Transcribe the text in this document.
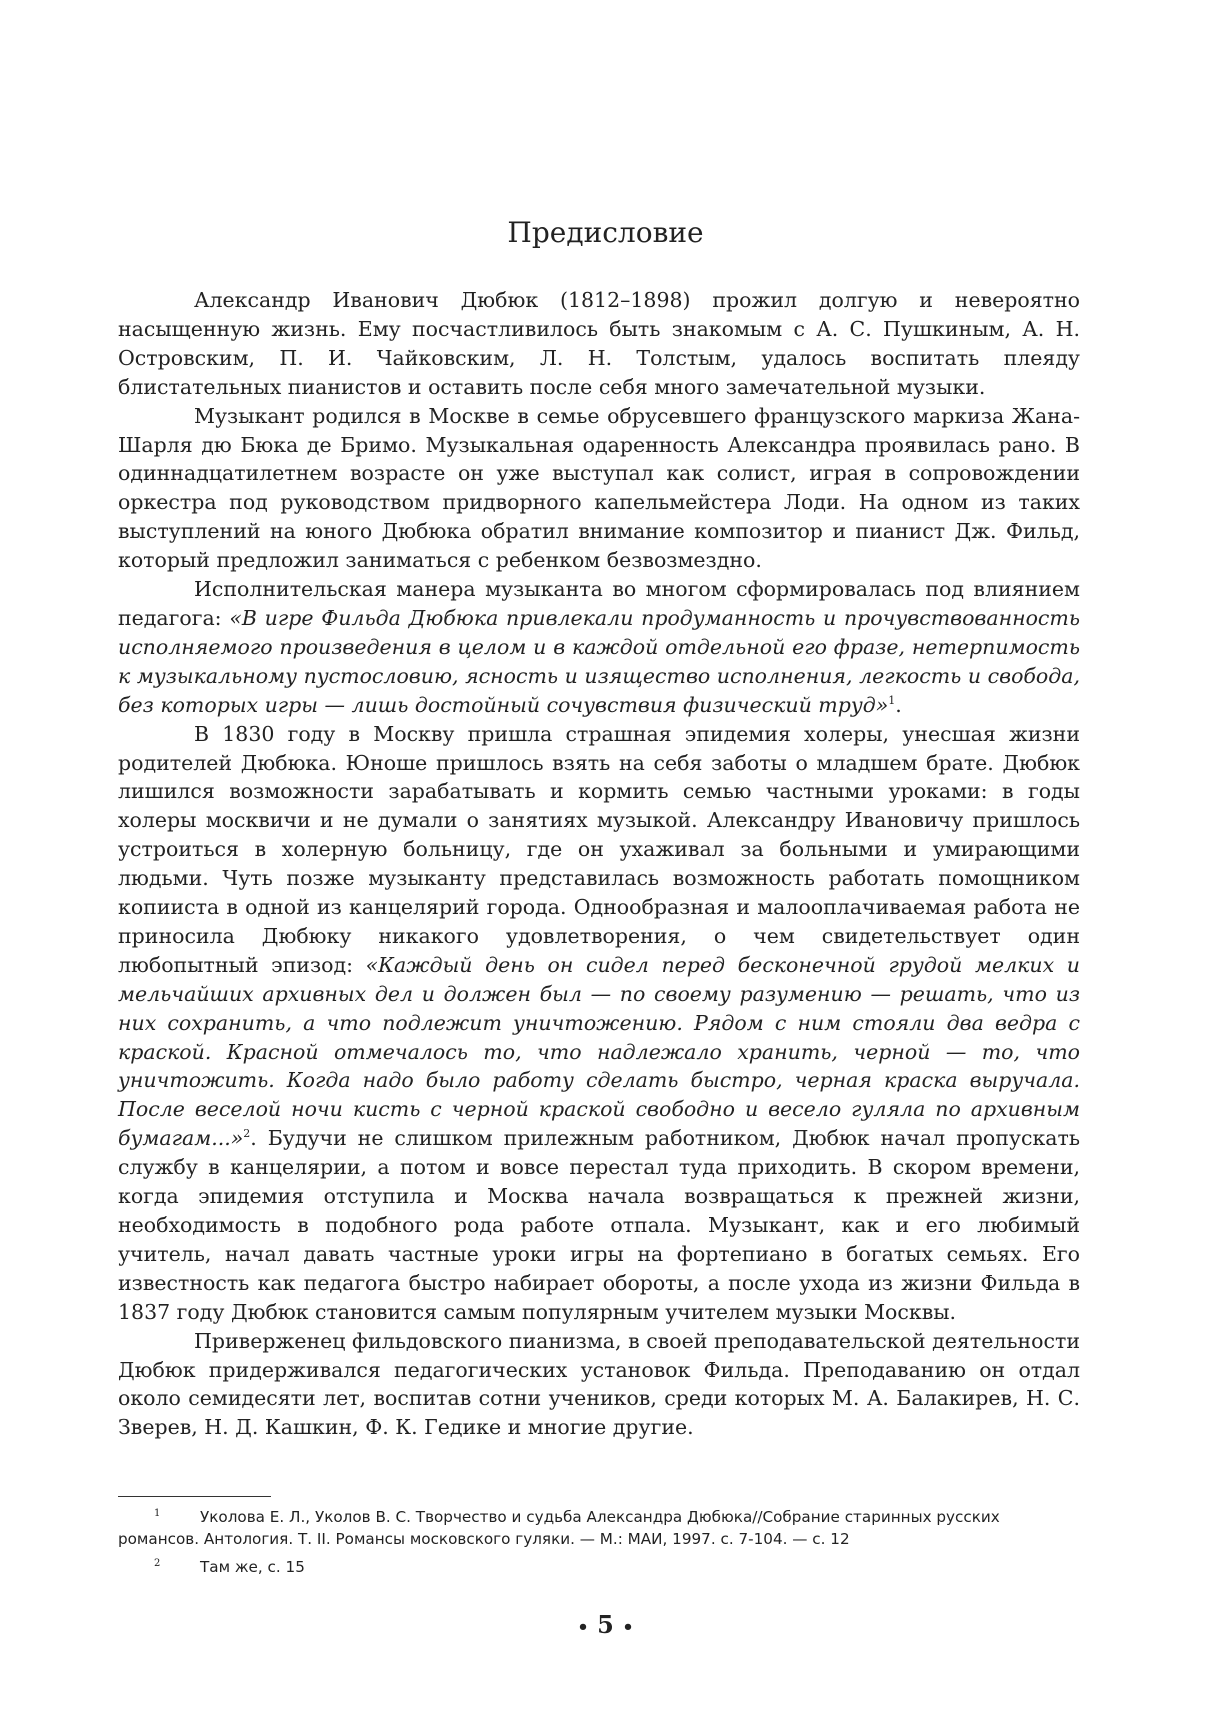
Предисловие

Александр Иванович Дюбюк (1812–1898) прожил долгую и невероятно насыщенную жизнь. Ему посчастливилось быть знакомым с А. С. Пушкиным, А. Н. Островским, П. И. Чайковским, Л. Н. Толстым, удалось воспитать плеяду блистательных пианистов и оставить после себя много замечательной музыки.

Музыкант родился в Москве в семье обрусевшего французского маркиза Жана-Шарля дю Бюка де Бримо. Музыкальная одаренность Александра проявилась рано. В одиннадцатилетнем возрасте он уже выступал как солист, играя в сопровождении оркестра под руководством придворного капельмейстера Лоди. На одном из таких выступлений на юного Дюбюка обратил внимание композитор и пианист Дж. Фильд, который предложил заниматься с ребенком безвозмездно.

Исполнительская манера музыканта во многом сформировалась под влиянием педагога: «В игре Фильда Дюбюка привлекали продуманность и прочувствованность исполняемого произведения в целом и в каждой отдельной его фразе, нетерпимость к музыкальному пустословию, ясность и изящество исполнения, легкость и свобода, без которых игры — лишь достойный сочувствия физический труд»$^1$.

В 1830 году в Москву пришла страшная эпидемия холеры, унесшая жизни родителей Дюбюка. Юноше пришлось взять на себя заботы о младшем брате. Дюбюк лишился возможности зарабатывать и кормить семью частными уроками: в годы холеры москвичи и не думали о занятиях музыкой. Александру Ивановичу пришлось устроиться в холерную больницу, где он ухаживал за больными и умирающими людьми. Чуть позже музыканту представилась возможность работать помощником копииста в одной из канцелярий города. Однообразная и малооплачиваемая работа не приносила Дюбюку никакого удовлетворения, о чем свидетельствует один любопытный эпизод: «Каждый день он сидел перед бесконечной грудой мелких и мельчайших архивных дел и должен был — по своему разумению — решать, что из них сохранить, а что подлежит уничтожению. Рядом с ним стояли два ведра с краской. Красной отмечалось то, что надлежало хранить, черной — то, что уничтожить. Когда надо было работу сделать быстро, черная краска выручала. После веселой ночи кисть с черной краской свободно и весело гуляла по архивным бумагам...»$^2$. Будучи не слишком прилежным работником, Дюбюк начал пропускать службу в канцелярии, а потом и вовсе перестал туда приходить. В скором времени, когда эпидемия отступила и Москва начала возвращаться к прежней жизни, необходимость в подобного рода работе отпала. Музыкант, как и его любимый учитель, начал давать частные уроки игры на фортепиано в богатых семьях. Его известность как педагога быстро набирает обороты, а после ухода из жизни Фильда в 1837 году Дюбюк становится самым популярным учителем музыки Москвы.

Приверженец фильдовского пианизма, в своей преподавательской деятельности Дюбюк придерживался педагогических установок Фильда. Преподаванию он отдал около семидесяти лет, воспитав сотни учеников, среди которых М. А. Балакирев, Н. С. Зверев, Н. Д. Кашкин, Ф. К. Гедике и многие другие.

1	Уколова Е. Л., Уколов В. С. Творчество и судьба Александра Дюбюка//Собрание старинных русских романсов. Антология. Т. II. Романсы московского гуляки. — М.: МАИ, 1997. с. 7-104. — с. 12
2	Там же, с. 15
• 5 •
